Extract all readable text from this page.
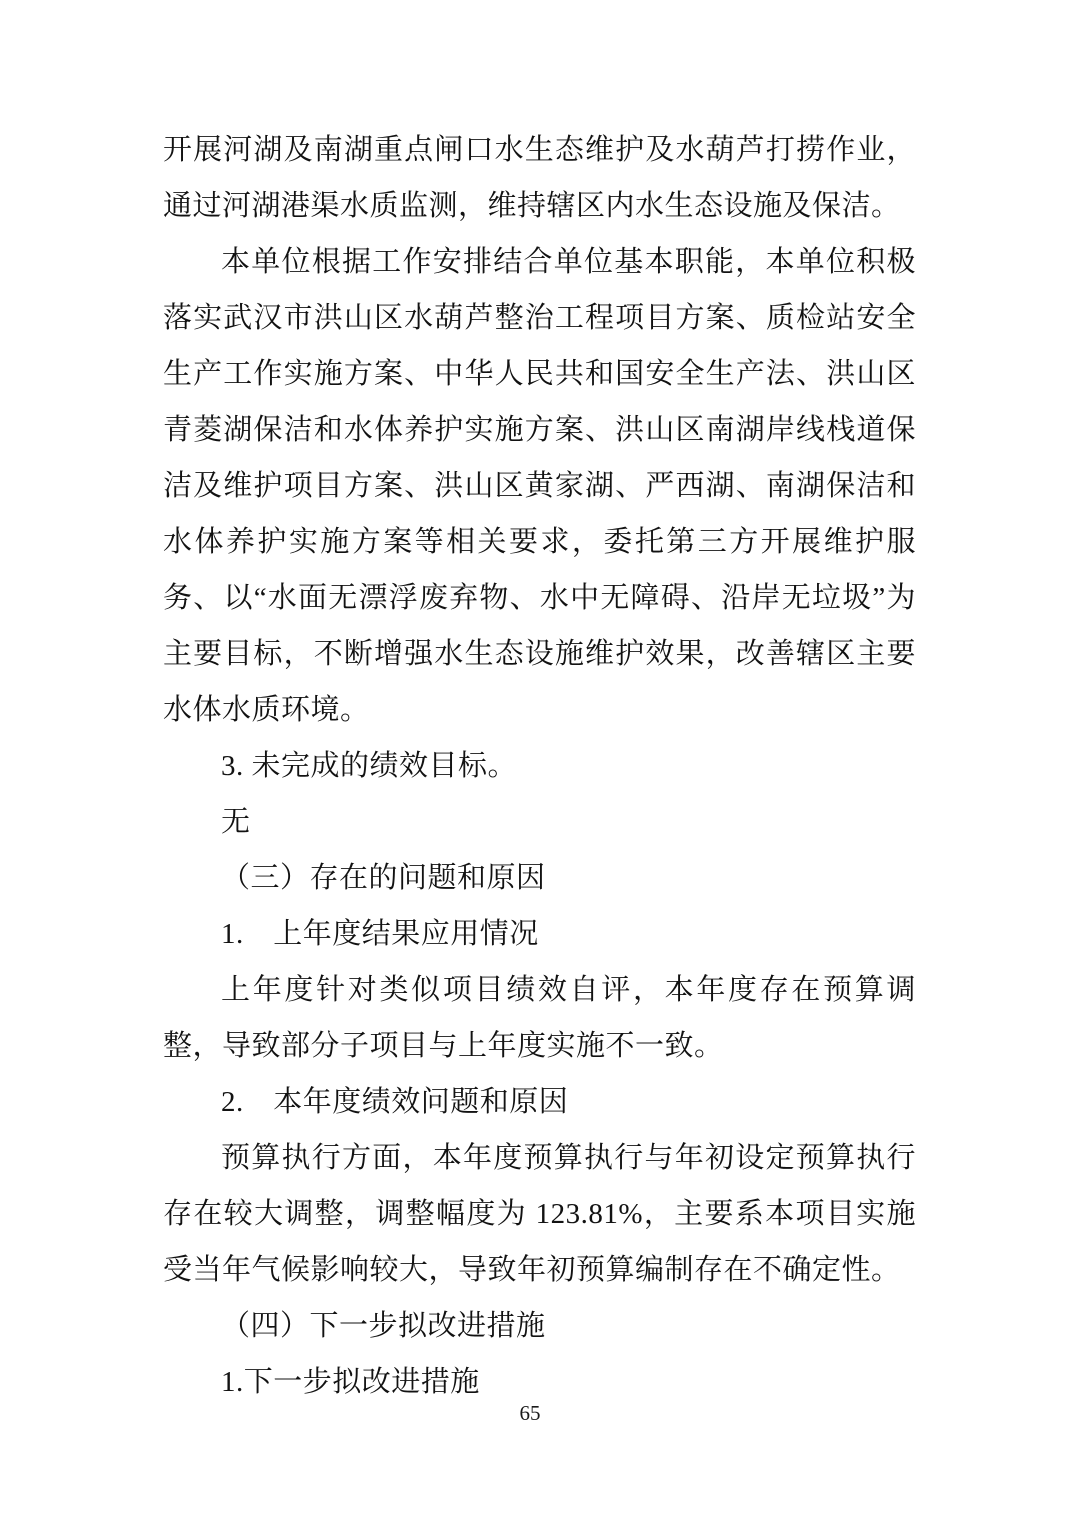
开展河湖及南湖重点闸口水生态维护及水葫芦打捞作业，通过河湖港渠水质监测，维持辖区内水生态设施及保洁。

本单位根据工作安排结合单位基本职能，本单位积极落实武汉市洪山区水葫芦整治工程项目方案、质检站安全生产工作实施方案、中华人民共和国安全生产法、洪山区青菱湖保洁和水体养护实施方案、洪山区南湖岸线栈道保洁及维护项目方案、洪山区黄家湖、严西湖、南湖保洁和水体养护实施方案等相关要求，委托第三方开展维护服务、以“水面无漂浮废弃物、水中无障碍、沿岸无垃圾”为主要目标，不断增强水生态设施维护效果，改善辖区主要水体水质环境。

3. 未完成的绩效目标。

无

（三）存在的问题和原因

1.　上年度结果应用情况

上年度针对类似项目绩效自评，本年度存在预算调整，导致部分子项目与上年度实施不一致。

2.　本年度绩效问题和原因

预算执行方面，本年度预算执行与年初设定预算执行存在较大调整，调整幅度为 123.81%，主要系本项目实施受当年气候影响较大，导致年初预算编制存在不确定性。

（四）下一步拟改进措施

1.下一步拟改进措施

65
